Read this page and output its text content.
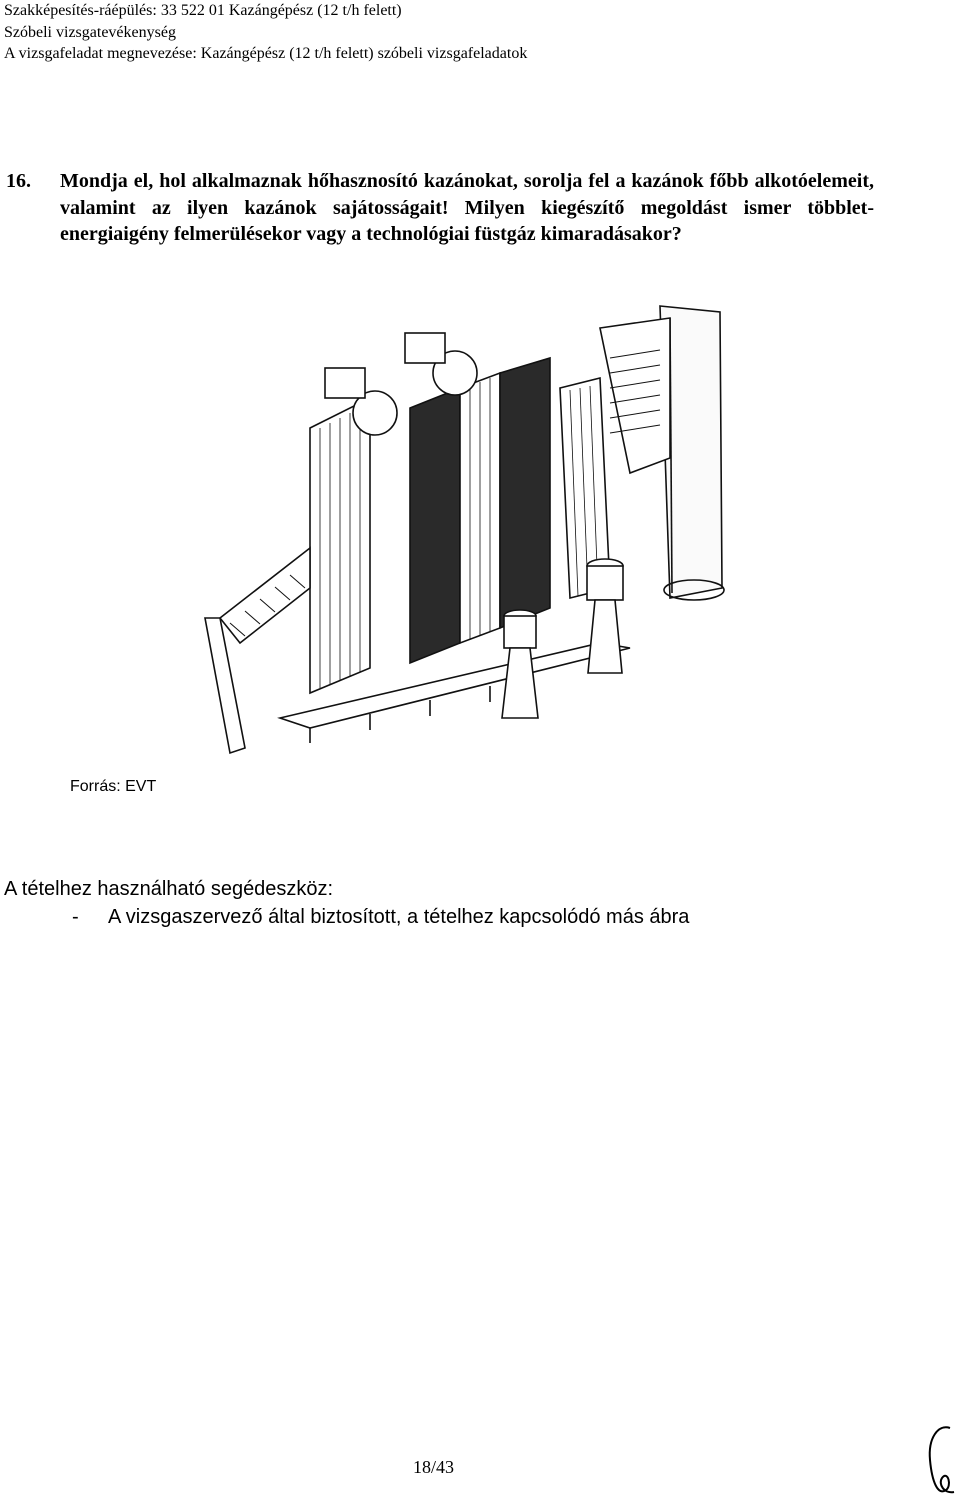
Szakképesítés-ráépülés: 33 522 01 Kazángépész (12 t/h felett)
Szóbeli vizsgatevékenység
A vizsgafeladat megnevezése: Kazángépész (12 t/h felett) szóbeli vizsgafeladatok
16. Mondja el, hol alkalmaznak hőhasznosító kazánokat, sorolja fel a kazánok főbb alkotóelemeit, valamint az ilyen kazánok sajátosságait! Milyen kiegészítő megoldást ismer többlet-energiaigény felmerülésekor vagy a technológiai füstgáz kimaradásakor?
Forrás: EVT
A tételhez használható segédeszköz:
- A vizsgaszervező által biztosított, a tételhez kapcsolódó más ábra
18/43
